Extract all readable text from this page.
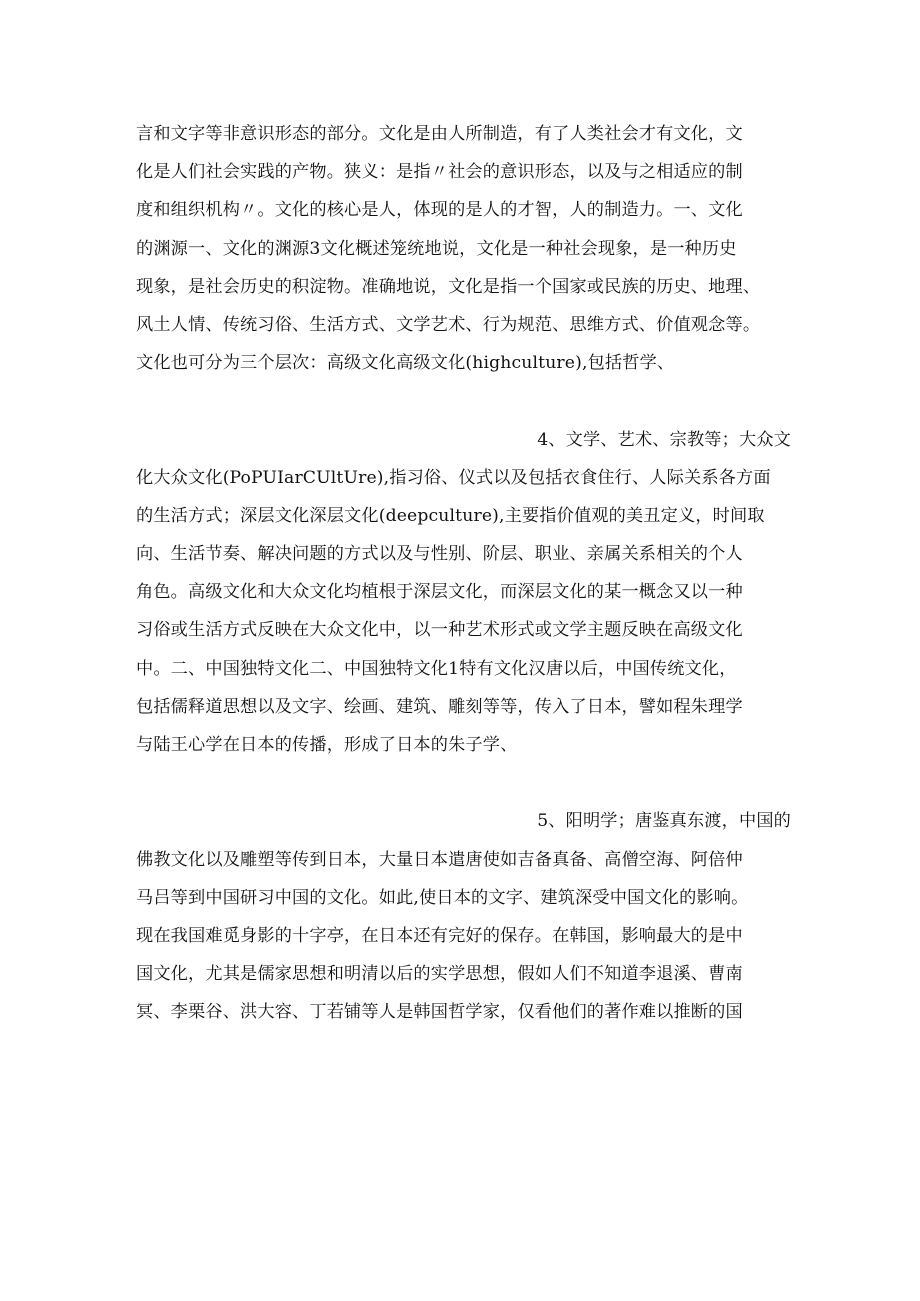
言和文字等非意识形态的部分。文化是由人所制造，有了人类社会才有文化，文
化是人们社会实践的产物。狭义：是指〃社会的意识形态，以及与之相适应的制
度和组织机构〃。文化的核心是人，体现的是人的才智，人的制造力。一、文化
的渊源一、文化的渊源3文化概述笼统地说，文化是一种社会现象，是一种历史
现象，是社会历史的积淀物。准确地说，文化是指一个国家或民族的历史、地理、
风土人情、传统习俗、生活方式、文学艺术、行为规范、思维方式、价值观念等。
文化也可分为三个层次：高级文化高级文化(highculture),包括哲学、
4、文学、艺术、宗教等；大众文
化大众文化(PoPUIarCUltUre),指习俗、仪式以及包括衣食住行、人际关系各方面
的生活方式；深层文化深层文化(deepculture),主要指价值观的美丑定义，时间取
向、生活节奏、解决问题的方式以及与性别、阶层、职业、亲属关系相关的个人
角色。高级文化和大众文化均植根于深层文化，而深层文化的某一概念又以一种
习俗或生活方式反映在大众文化中，以一种艺术形式或文学主题反映在高级文化
中。二、中国独特文化二、中国独特文化1特有文化汉唐以后，中国传统文化，
包括儒释道思想以及文字、绘画、建筑、雕刻等等，传入了日本，譬如程朱理学
与陆王心学在日本的传播，形成了日本的朱子学、
5、阳明学；唐鉴真东渡，中国的
佛教文化以及雕塑等传到日本，大量日本遣唐使如吉备真备、高僧空海、阿倍仲
马吕等到中国研习中国的文化。如此,使日本的文字、建筑深受中国文化的影响。
现在我国难觅身影的十字亭，在日本还有完好的保存。在韩国，影响最大的是中
国文化，尤其是儒家思想和明清以后的实学思想，假如人们不知道李退溪、曹南
冥、李栗谷、洪大容、丁若铺等人是韩国哲学家，仅看他们的著作难以推断的国
